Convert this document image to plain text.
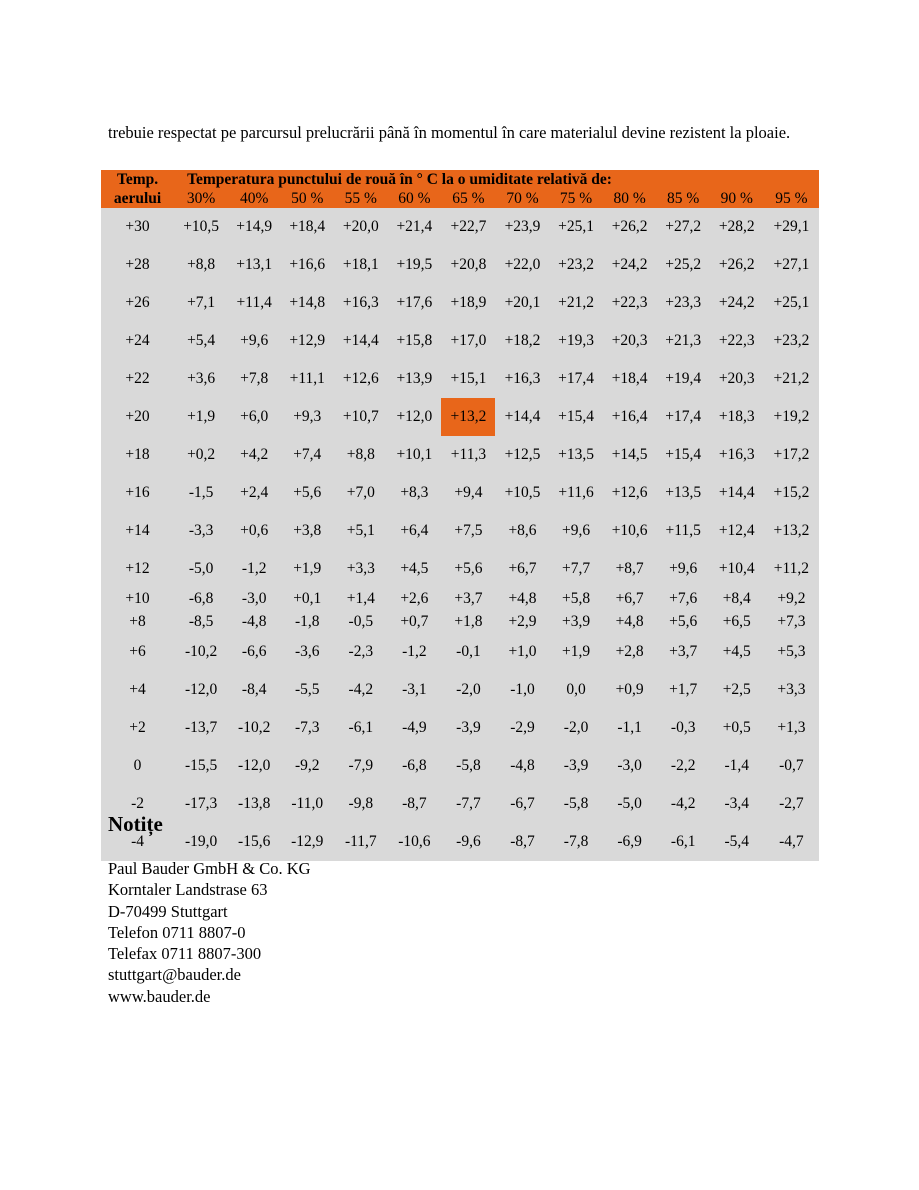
trebuie respectat pe parcursul prelucrării până în momentul în care materialul devine rezistent la ploaie.

Temp.	Temperatura punctului de rouă în ° C la o umiditate relativă de:											
aerului	30%	40%	50 %	55 %	60 %	65 %	70 %	75 %	80 %	85 %	90 %	95 %
+30	+10,5	+14,9	+18,4	+20,0	+21,4	+22,7	+23,9	+25,1	+26,2	+27,2	+28,2	+29,1
+28	+8,8	+13,1	+16,6	+18,1	+19,5	+20,8	+22,0	+23,2	+24,2	+25,2	+26,2	+27,1
+26	+7,1	+11,4	+14,8	+16,3	+17,6	+18,9	+20,1	+21,2	+22,3	+23,3	+24,2	+25,1
+24	+5,4	+9,6	+12,9	+14,4	+15,8	+17,0	+18,2	+19,3	+20,3	+21,3	+22,3	+23,2
+22	+3,6	+7,8	+11,1	+12,6	+13,9	+15,1	+16,3	+17,4	+18,4	+19,4	+20,3	+21,2
+20	+1,9	+6,0	+9,3	+10,7	+12,0	+13,2	+14,4	+15,4	+16,4	+17,4	+18,3	+19,2
+18	+0,2	+4,2	+7,4	+8,8	+10,1	+11,3	+12,5	+13,5	+14,5	+15,4	+16,3	+17,2
+16	-1,5	+2,4	+5,6	+7,0	+8,3	+9,4	+10,5	+11,6	+12,6	+13,5	+14,4	+15,2
+14	-3,3	+0,6	+3,8	+5,1	+6,4	+7,5	+8,6	+9,6	+10,6	+11,5	+12,4	+13,2
+12	-5,0	-1,2	+1,9	+3,3	+4,5	+5,6	+6,7	+7,7	+8,7	+9,6	+10,4	+11,2
+10	-6,8	-3,0	+0,1	+1,4	+2,6	+3,7	+4,8	+5,8	+6,7	+7,6	+8,4	+9,2
+8	-8,5	-4,8	-1,8	-0,5	+0,7	+1,8	+2,9	+3,9	+4,8	+5,6	+6,5	+7,3
+6	-10,2	-6,6	-3,6	-2,3	-1,2	-0,1	+1,0	+1,9	+2,8	+3,7	+4,5	+5,3
+4	-12,0	-8,4	-5,5	-4,2	-3,1	-2,0	-1,0	0,0	+0,9	+1,7	+2,5	+3,3
+2	-13,7	-10,2	-7,3	-6,1	-4,9	-3,9	-2,9	-2,0	-1,1	-0,3	+0,5	+1,3
0	-15,5	-12,0	-9,2	-7,9	-6,8	-5,8	-4,8	-3,9	-3,0	-2,2	-1,4	-0,7
-2	-17,3	-13,8	-11,0	-9,8	-8,7	-7,7	-6,7	-5,8	-5,0	-4,2	-3,4	-2,7
-4	-19,0	-15,6	-12,9	-11,7	-10,6	-9,6	-8,7	-7,8	-6,9	-6,1	-5,4	-4,7
Notițe
Paul Bauder GmbH & Co. KG
Korntaler Landstrase 63
D-70499 Stuttgart
Telefon 0711 8807-0
Telefax 0711 8807-300
stuttgart@bauder.de
www.bauder.de
